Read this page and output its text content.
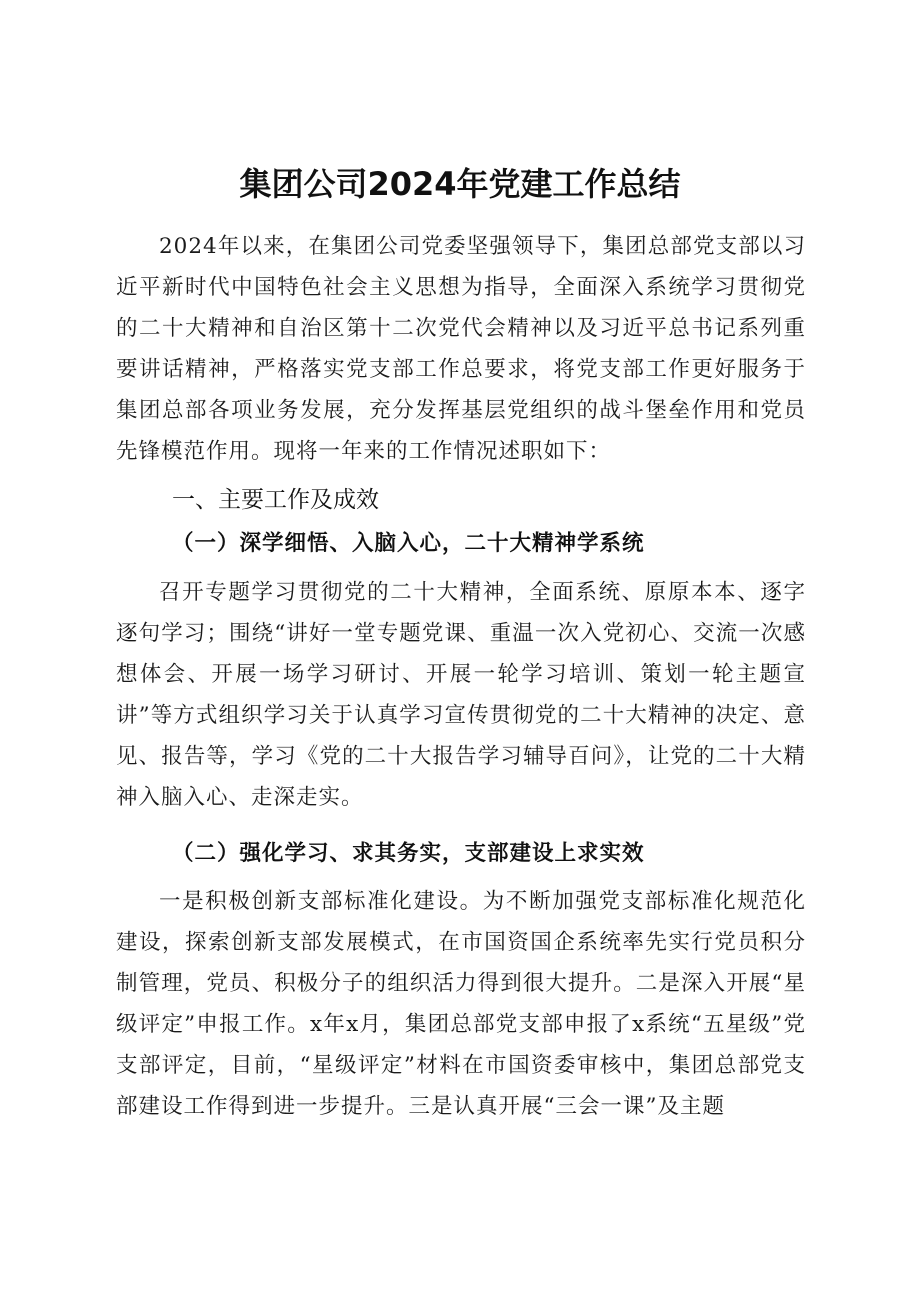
集团公司2024年党建工作总结

2024年以来，在集团公司党委坚强领导下，集团总部党支部以习近平新时代中国特色社会主义思想为指导，全面深入系统学习贯彻党的二十大精神和自治区第十二次党代会精神以及习近平总书记系列重要讲话精神，严格落实党支部工作总要求，将党支部工作更好服务于集团总部各项业务发展，充分发挥基层党组织的战斗堡垒作用和党员先锋模范作用。现将一年来的工作情况述职如下：

一、主要工作及成效
（一）深学细悟、入脑入心，二十大精神学系统

召开专题学习贯彻党的二十大精神，全面系统、原原本本、逐字逐句学习；围绕“讲好一堂专题党课、重温一次入党初心、交流一次感想体会、开展一场学习研讨、开展一轮学习培训、策划一轮主题宣讲”等方式组织学习关于认真学习宣传贯彻党的二十大精神的决定、意见、报告等，学习《党的二十大报告学习辅导百问》，让党的二十大精神入脑入心、走深走实。

（二）强化学习、求其务实，支部建设上求实效

一是积极创新支部标准化建设。为不断加强党支部标准化规范化建设，探索创新支部发展模式，在市国资国企系统率先实行党员积分制管理，党员、积极分子的组织活力得到很大提升。二是深入开展“星级评定”申报工作。x年x月，集团总部党支部申报了x系统“五星级”党支部评定，目前，“星级评定”材料在市国资委审核中，集团总部党支部建设工作得到进一步提升。三是认真开展“三会一课”及主题
